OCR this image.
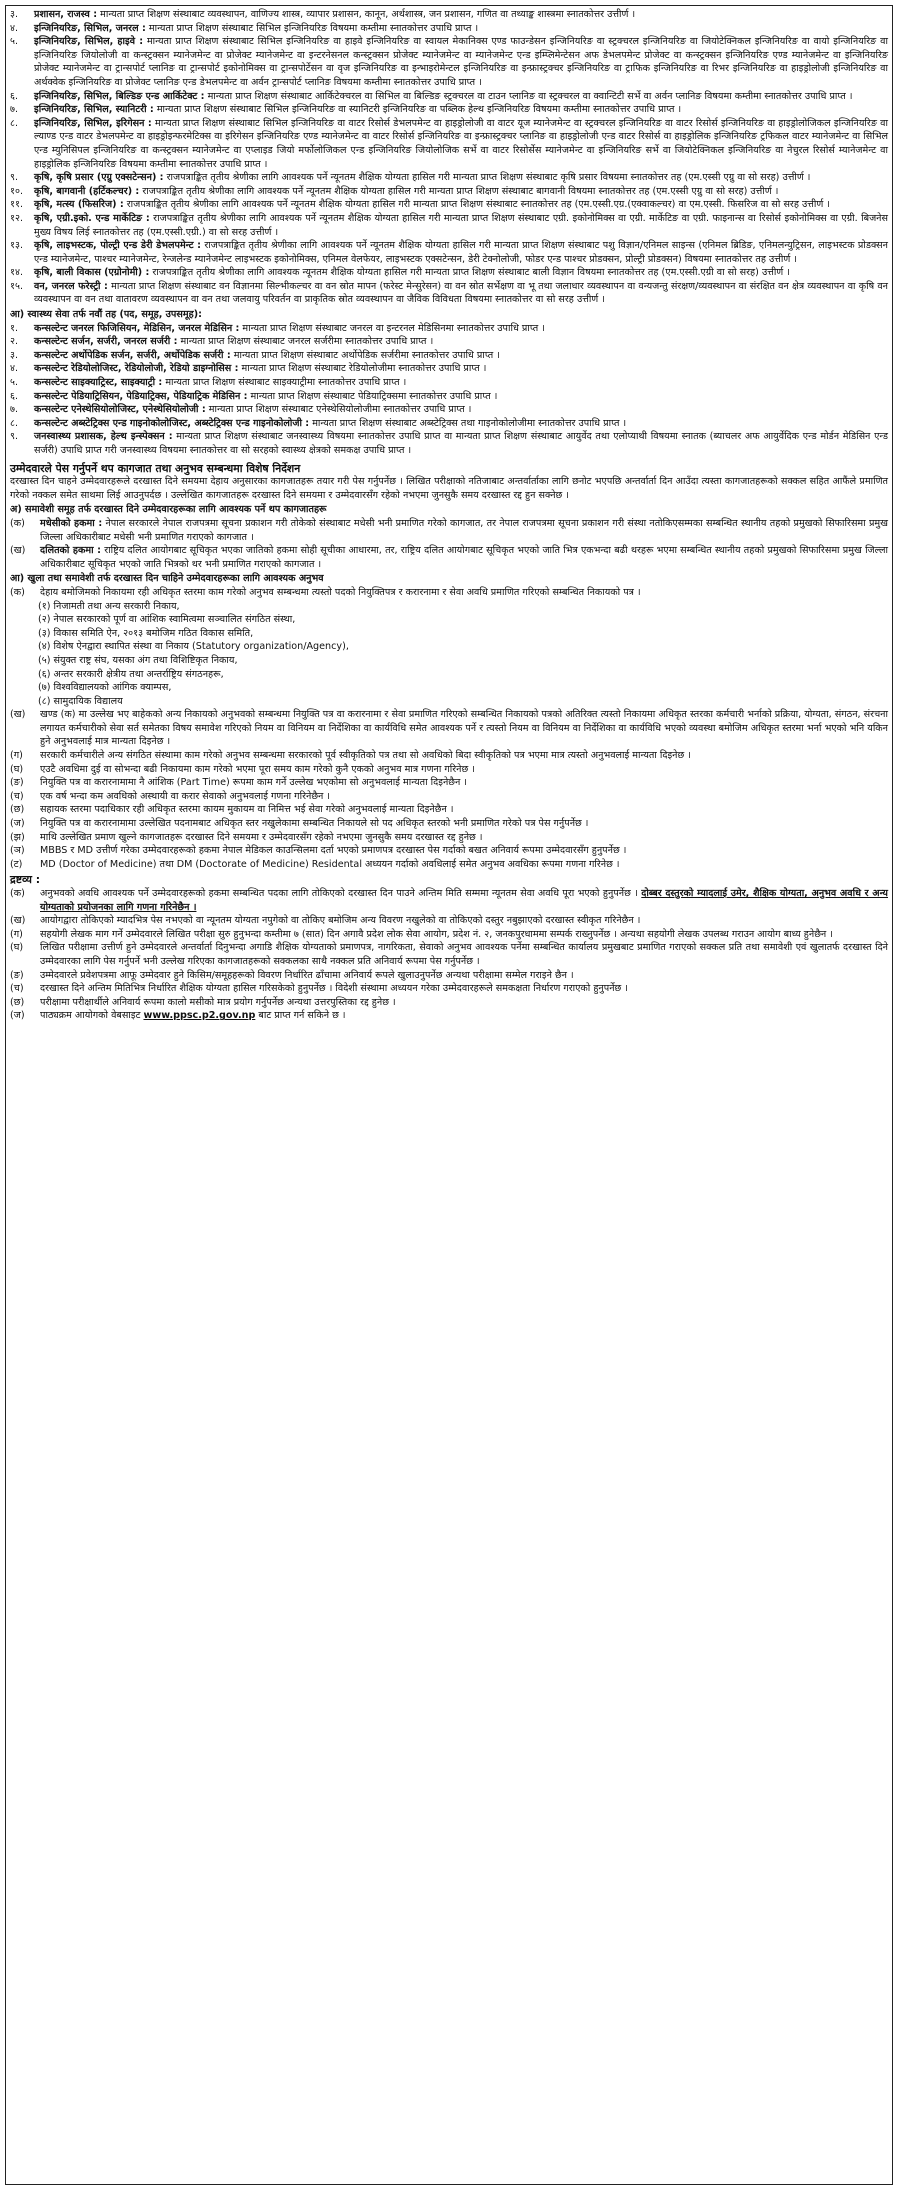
३.	प्रशासन, राजस्व : मान्यता प्राप्त शिक्षण संस्थाबाट व्यवस्थापन, वाणिज्य शास्त्र, व्यापार प्रशासन, कानून, अर्थशास्त्र, जन प्रशासन, गणित वा तथ्याङ्क शास्त्रमा स्नातकोत्तर उत्तीर्ण ।
४.	इन्जिनियरिङ, सिभिल, जनरल : मान्यता प्राप्त शिक्षण संस्थाबाट सिभिल इन्जिनियरिङ विषयमा कम्तीमा स्नातकोत्तर उपाधि प्राप्त ।
५.	इन्जिनियरिङ, सिभिल, हाइवे : मान्यता प्राप्त शिक्षण संस्थाबाट सिभिल इन्जिनियरिङ वा हाइवे इन्जिनियरिङ वा स्वायल मेकानिक्स एण्ड फाउन्डेसन इन्जिनियरिङ वा स्ट्रक्चरल इन्जिनियरिङ वा जियोटेक्निकल इन्जिनियरिङ वा वायो इन्जिनियरिङ वा इन्जिनियरिङ जियोलोजी वा कन्स्ट्रक्सन म्यानेजमेन्ट वा प्रोजेक्ट म्यानेजमेन्ट वा इन्टरनेसनल कन्स्ट्रक्सन प्रोजेक्ट म्यानेजमेन्ट वा म्यानेजमेन्ट एन्ड इम्प्लिमेन्टेसन अफ डेभलपमेन्ट प्रोजेक्ट वा कन्स्ट्रक्सन इन्जिनियरिङ एण्ड म्यानेजमेन्ट वा इन्जिनियरिङ प्रोजेक्ट म्यानेजमेन्ट वा ट्रान्सपोर्ट प्लानिङ वा ट्रान्सपोर्ट इकोनोमिक्स वा ट्रान्सपोर्टेसन वा वृज इन्जिनियरिङ वा इन्भाइरोमेन्टल इन्जिनियरिङ वा इन्फ्रास्ट्रक्चर इन्जिनियरिङ वा ट्राफिक इन्जिनियरिङ वा रिभर इन्जिनियरिङ वा हाइड्रोलोजी इन्जिनियरिङ वा अर्थक्वेक इन्जिनियरिङ वा प्रोजेक्ट प्लानिङ एन्ड डेभलपमेन्ट वा अर्वन ट्रान्सपोर्ट प्लानिङ विषयमा कम्तीमा स्नातकोत्तर उपाधि प्राप्त ।
६.	इन्जिनियरिङ, सिभिल, बिल्डिङ एन्ड आर्किटेक्ट : मान्यता प्राप्त शिक्षण संस्थाबाट आर्किटेक्चरल वा सिभिल वा बिल्डिङ स्ट्रक्चरल वा टाउन प्लानिङ वा स्ट्रक्चरल वा क्वान्टिटी सर्भे वा अर्वन प्लानिङ विषयमा कम्तीमा स्नातकोत्तर उपाधि प्राप्त ।
७.	इन्जिनियरिङ, सिभिल, स्यानिटरी : मान्यता प्राप्त शिक्षण संस्थाबाट सिभिल इन्जिनियरिङ वा स्यानिटरी इन्जिनियरिङ वा पब्लिक हेल्थ इन्जिनियरिङ विषयमा कम्तीमा स्नातकोत्तर उपाधि प्राप्त ।
८.	इन्जिनियरिङ, सिभिल, इरिगेसन : मान्यता प्राप्त शिक्षण संस्थाबाट सिभिल इन्जिनियरिङ वा वाटर रिसोर्स डेभलपमेन्ट वा हाइड्रोलोजी वा वाटर यूज म्यानेजमेन्ट वा स्ट्रक्चरल इन्जिनियरिङ वा वाटर रिसोर्स इन्जिनियरिङ वा हाइड्रोलोजिकल इन्जिनियरिङ वा ल्याण्ड एन्ड वाटर डेभलपमेन्ट वा हाइड्रोइन्फरमेटिक्स वा इरिगेसन इन्जिनियरिङ एण्ड म्यानेजमेन्ट वा वाटर रिसोर्स इन्जिनियरिङ वा इन्फ्रास्ट्रक्चर प्लानिङ वा हाइड्रोलोजी एन्ड वाटर रिसोर्स वा हाइड्रोलिक इन्जिनियरिङ ट्रफिकल वाटर म्यानेजमेन्ट वा सिभिल एन्ड म्युनिसिपल इन्जिनियरिङ वा कन्स्ट्रक्सन म्यानेजमेन्ट वा एप्लाइड जियो मर्फोलोजिकल एन्ड इन्जिनियरिङ जियोलोजिक सर्भे वा वाटर रिसोर्सेस म्यानेजमेन्ट वा इन्जिनियरिङ सर्भे वा जियोटेक्निकल इन्जिनियरिङ वा नेचुरल रिसोर्स म्यानेजमेन्ट वा हाइड्रोलिक इन्जिनियरिङ विषयमा कम्तीमा स्नातकोत्तर उपाधि प्राप्त ।
९.	कृषि, कृषि प्रसार (एग्रु एक्सटेन्सन) : राजपत्राङ्कित तृतीय श्रेणीका लागि आवश्यक पर्ने न्यूनतम शैक्षिक योग्यता हासिल गरी मान्यता प्राप्त शिक्षण संस्थाबाट कृषि प्रसार विषयमा स्नातकोत्तर तह (एम.एस्सी एग्रु वा सो सरह) उत्तीर्ण ।
१०.	कृषि, बागवानी (हर्टिकल्चर) : राजपत्राङ्कित तृतीय श्रेणीका लागि आवश्यक पर्ने न्यूनतम शैक्षिक योग्यता हासिल गरी मान्यता प्राप्त शिक्षण संस्थाबाट बागवानी विषयमा स्नातकोत्तर तह (एम.एस्सी एग्रु वा सो सरह) उत्तीर्ण ।
११.	कृषि, मत्स्य (फिसरिज) : राजपत्राङ्कित तृतीय श्रेणीका लागि आवश्यक पर्ने न्यूनतम शैक्षिक योग्यता हासिल गरी मान्यता प्राप्त शिक्षण संस्थाबाट स्नातकोत्तर तह (एम.एस्सी.एग्र.(एक्वाकल्चर) वा एम.एस्सी. फिसरिज वा सो सरह उत्तीर्ण ।
१२.	कृषि, एग्री.इको. एन्ड मार्केटिङ : राजपत्राङ्कित तृतीय श्रेणीका लागि आवश्यक पर्ने न्यूनतम शैक्षिक योग्यता हासिल गरी मान्यता प्राप्त शिक्षण संस्थाबाट एग्री. इकोनोमिक्स वा एग्री. मार्केटिङ वा एग्री. फाइनान्स वा रिसोर्स इकोनोमिक्स वा एग्री. बिजनेस मुख्य विषय लिई स्नातकोत्तर तह (एम.एस्सी.एग्री.) वा सो सरह उत्तीर्ण ।
१३.	कृषि, लाइभस्टक, पोल्ट्री एन्ड डेरी डेभलपमेन्ट : राजपत्राङ्कित तृतीय श्रेणीका लागि आवश्यक पर्ने न्यूनतम शैक्षिक योग्यता हासिल गरी मान्यता प्राप्त शिक्षण संस्थाबाट पशु विज्ञान/एनिमल साइन्स (एनिमल ब्रिडिङ, एनिमलन्युट्रिसन, लाइभस्टक प्रोडक्सन एन्ड म्यानेजमेन्ट, पाश्चर म्यानेजमेन्ट, रेन्जलेन्ड म्यानेजमेन्ट लाइभस्टक इकोनोमिक्स, एनिमल वेलफेयर, लाइभस्टक एक्सटेन्सन, डेरी टेक्नोलोजी, फोडर एन्ड पाश्चर प्रोडक्सन, प्रोल्ट्री प्रोडक्सन) विषयमा स्नातकोत्तर तह उत्तीर्ण ।
१४.	कृषि, बाली विकास (एग्रोनोमी) : राजपत्राङ्कित तृतीय श्रेणीका लागि आवश्यक न्यूनतम शैक्षिक योग्यता हासिल गरी मान्यता प्राप्त शिक्षण संस्थाबाट बाली विज्ञान विषयमा स्नातकोत्तर तह (एम.एस्सी.एग्री वा सो सरह) उत्तीर्ण ।
१५.	वन, जनरल फरेस्ट्री : मान्यता प्राप्त शिक्षण संस्थाबाट वन विज्ञानमा सिल्भीकल्चर वा वन स्रोत मापन (फरेस्ट मेन्सुरेसन) वा वन स्रोत सर्भेक्षण वा भू तथा जलाधार व्यवस्थापन वा वन्यजन्तु संरक्षण/व्यवस्थापन वा संरक्षित वन क्षेत्र व्यवस्थापन वा कृषि वन व्यवस्थापन वा वन तथा वातावरण व्यवस्थापन वा वन तथा जलवायु परिवर्तन वा प्राकृतिक स्रोत व्यवस्थापन वा जैविक विविधता विषयमा स्नातकोत्तर वा सो सरह उत्तीर्ण ।
आ) स्वास्थ्य सेवा तर्फ नवौं तह (पद, समूह, उपसमूह):
१.	कन्सल्टेन्ट जनरल फिजिसियन, मेडिसिन, जनरल मेडिसिन : मान्यता प्राप्त शिक्षण संस्थाबाट जनरल वा इन्टरनल मेडिसिनमा स्नातकोत्तर उपाधि प्राप्त ।
२.	कन्सल्टेन्ट सर्जन, सर्जरी, जनरल सर्जरी : मान्यता प्राप्त शिक्षण संस्थाबाट जनरल सर्जरीमा स्नातकोत्तर उपाधि प्राप्त ।
३.	कन्सल्टेन्ट अर्थोपेडिक सर्जन, सर्जरी, अर्थोपेडिक सर्जरी : मान्यता प्राप्त शिक्षण संस्थाबाट अर्थोपेडिक सर्जरीमा स्नातकोत्तर उपाधि प्राप्त ।
४.	कन्सल्टेन्ट रेडियोलोजिस्ट, रेडियोलोजी, रेडियो डाइग्नोसिस : मान्यता प्राप्त शिक्षण संस्थाबाट रेडियोलोजीमा स्नातकोत्तर उपाधि प्राप्त ।
५.	कन्सल्टेन्ट साइक्याट्रिस्ट, साइक्याट्री : मान्यता प्राप्त शिक्षण संस्थाबाट साइक्याट्रीमा स्नातकोत्तर उपाधि प्राप्त ।
६.	कन्सल्टेन्ट पेडियाट्रिसियन, पेडियाट्रिक्स, पेडियाट्रिक मेडिसिन : मान्यता प्राप्त शिक्षण संस्थाबाट पेडियाट्रिक्समा स्नातकोत्तर उपाधि प्राप्त ।
७.	कन्सल्टेन्ट एनेस्थेसियोलोजिस्ट, एनेस्थेसियोलोजी : मान्यता प्राप्त शिक्षण संस्थाबाट एनेस्थेसियोलोजीमा स्नातकोत्तर उपाधि प्राप्त ।
८.	कन्सल्टेन्ट अब्स्टेट्रिक्स एन्ड गाइनोकोलोजिस्ट, अब्स्टेट्रिक्स एन्ड गाइनोकोलोजी : मान्यता प्राप्त शिक्षण संस्थाबाट अब्स्टेट्रिक्स तथा गाइनोकोलोजीमा स्नातकोत्तर उपाधि प्राप्त ।
९.	जनस्वास्थ्य प्रशासक, हेल्थ इन्स्पेक्सन : मान्यता प्राप्त शिक्षण संस्थाबाट जनस्वास्थ्य विषयमा स्नातकोत्तर उपाधि प्राप्त वा मान्यता प्राप्त शिक्षण संस्थाबाट आयुर्वेद तथा एलोप्याथी विषयमा स्नातक (ब्याचलर अफ आयुर्वेदिक एन्ड मोर्डन मेडिसिन एन्ड सर्जरी) उपाधि प्राप्त गरी जनस्वास्थ्य विषयमा स्नातकोत्तर वा सो सरहको स्वास्थ्य क्षेत्रको समकक्ष उपाधि प्राप्त ।
उम्मेदवारले पेस गर्नुपर्ने थप कागजात तथा अनुभव सम्बन्धमा विशेष निर्देशन
दरखास्त दिन चाहने उम्मेदवारहरूले दरखास्त दिने समयमा देहाय अनुसारका कागजातहरू तयार गरी पेस गर्नुपर्नेछ । लिखित परीक्षाको नतिजाबाट अन्तर्वार्ताका लागि छनोट भएपछि अन्तर्वार्ता दिन आउँदा त्यस्ता कागजातहरूको सक्कल सहित आफैंले प्रमाणित गरेको नक्कल समेत साथमा लिई आउनुपर्दछ । उल्लेखित कागजातहरू दरखास्त दिने समयमा र उम्मेदवारसँग रहेको नभएमा जुनसुकै समय दरखास्त रद्द हुन सक्नेछ ।
अ) समावेशी समूह तर्फ दरखास्त दिने उम्मेदवारहरूका लागि आवश्यक पर्ने थप कागजातहरू
(क)	मधेसीको हकमा : नेपाल सरकारले नेपाल राजपत्रमा सूचना प्रकाशन गरी तोकेको संस्थाबाट मधेसी भनी प्रमाणित गरेको कागजात, तर नेपाल राजपत्रमा सूचना प्रकाशन गरी संस्था नतोकिएसम्मका सम्बन्धित स्थानीय तहको प्रमुखको सिफारिसमा प्रमुख जिल्ला अधिकारीबाट मधेसी भनी प्रमाणित गराएको कागजात ।
(ख)	दलितको हकमा : राष्ट्रिय दलित आयोगबाट सूचिकृत भएका जातिको हकमा सोही सूचीका आधारमा, तर, राष्ट्रिय दलित आयोगबाट सूचिकृत भएको जाति भित्र एकभन्दा बढी थरहरू भएमा सम्बन्धित स्थानीय तहको प्रमुखको सिफारिसमा प्रमुख जिल्ला अधिकारीबाट सूचिकृत भएको जाति भित्रको थर भनी प्रमाणित गराएको कागजात ।
आ) खुला तथा समावेशी तर्फ दरखास्त दिन चाहिने उम्मेदवारहरूका लागि आवश्यक अनुभव
(क)	देहाय बमोजिमको निकायमा रही अधिकृत स्तरमा काम गरेको अनुभव सम्बन्धमा त्यस्तो पदको नियुक्तिपत्र र करारनामा र सेवा अवधि प्रमाणित गरिएको सम्बन्धित निकायको पत्र ।
(१) निजामती तथा अन्य सरकारी निकाय,
(२) नेपाल सरकारको पूर्ण वा आंशिक स्वामित्वमा सञ्चालित संगठित संस्था,
(३) विकास समिति ऐन, २०१३ बमोजिम गठित विकास समिति,
(४) विशेष ऐनद्वारा स्थापित संस्था वा निकाय (Statutory organization/Agency),
(५) संयुक्त राष्ट्र संघ, यसका अंग तथा विशिष्टिकृत निकाय,
(६) अन्तर सरकारी क्षेत्रीय तथा अन्तर्राष्ट्रिय संगठनहरू,
(७) विश्वविद्यालयको आंगिक क्याम्पस,
(८) सामुदायिक विद्यालय
(ख)	खण्ड (क) मा उल्लेख भए बाहेकको अन्य निकायको अनुभवको सम्बन्धमा नियुक्ति पत्र वा करारनामा र सेवा प्रमाणित गरिएको सम्बन्धित निकायको पत्रको अतिरिक्त त्यस्तो निकायमा अधिकृत स्तरका कर्मचारी भर्नाको प्रक्रिया, योग्यता, संगठन, संरचना लगायत कर्मचारीको सेवा सर्त समेतका विषय समावेश गरिएको नियम वा विनियम वा निर्देशिका वा कार्यविधि समेत आवश्यक पर्ने र त्यस्तो नियम वा विनियम वा निर्देशिका वा कार्यविधि भएको व्यवस्था बमोजिम अधिकृत स्तरमा भर्ना भएको भनि यकिन हुने अनुभवलाई मात्र मान्यता दिइनेछ ।
(ग)	सरकारी कर्मचारीले अन्य संगठित संस्थामा काम गरेको अनुभव सम्बन्धमा सरकारको पूर्व स्वीकृतिको पत्र तथा सो अवधिको बिदा स्वीकृतिको पत्र भएमा मात्र त्यस्तो अनुभवलाई मान्यता दिइनेछ ।
(घ)	एउटै अवधिमा दुई वा सोभन्दा बढी निकायमा काम गरेको भएमा पूरा समय काम गरेको कुनै एकको अनुभव मात्र गणना गरिनेछ ।
(ङ)	नियुक्ति पत्र वा करारनामामा नै आंशिक (Part Time) रूपमा काम गर्ने उल्लेख भएकोमा सो अनुभवलाई मान्यता दिइनेछैन ।
(च)	एक वर्ष भन्दा कम अवधिको अस्थायी वा करार सेवाको अनुभवलाई गणना गरिनेछैन ।
(छ)	सहायक स्तरमा पदाधिकार रही अधिकृत स्तरमा कायम मुकायम वा निमित्त भई सेवा गरेको अनुभवलाई मान्यता दिइनेछैन ।
(ज)	नियुक्ति पत्र वा करारनामामा उल्लेखित पदनामबाट अधिकृत स्तर नखुलेकामा सम्बन्धित निकायले सो पद अधिकृत स्तरको भनी प्रमाणित गरेको पत्र पेस गर्नुपर्नेछ ।
(झ)	माथि उल्लेखित प्रमाण खुल्ने कागजातहरू दरखास्त दिने समयमा र उम्मेदवारसँग रहेको नभएमा जुनसुकै समय दरखास्त रद्द हुनेछ ।
(ञ)	MBBS र MD उत्तीर्ण गरेका उम्मेदवारहरूको हकमा नेपाल मेडिकल काउन्सिलमा दर्ता भएको प्रमाणपत्र दरखास्त पेस गर्दाको बखत अनिवार्य रूपमा उम्मेदवारसँग हुनुपर्नेछ ।
(ट)	MD (Doctor of Medicine) तथा DM (Doctorate of Medicine) Residental अध्ययन गर्दाको अवधिलाई समेत अनुभव अवधिका रूपमा गणना गरिनेछ ।
द्रष्टव्य :
(क)	अनुभवको अवधि आवश्यक पर्ने उम्मेदवारहरूको हकमा सम्बन्धित पदका लागि तोकिएको दरखास्त दिन पाउने अन्तिम मिति सम्ममा न्यूनतम सेवा अवधि पूरा भएको हुनुपर्नेछ । दोब्बर दस्तुरको म्यादलाई उमेर, शैक्षिक योग्यता, अनुभव अवधि र अन्य योग्यताको प्रयोजनका लागि गणना गरिनेछैन ।
(ख)	आयोगद्वारा तोकिएको म्यादभित्र पेस नभएको वा न्यूनतम योग्यता नपुगेको वा तोकिए बमोजिम अन्य विवरण नखुलेको वा तोकिएको दस्तुर नबुझाएको दरखास्त स्वीकृत गरिनेछैन ।
(ग)	सहयोगी लेखक माग गर्ने उम्मेदवारले लिखित परीक्षा सुरु हुनुभन्दा कम्तीमा ७ (सात) दिन अगावै प्रदेश लोक सेवा आयोग, प्रदेश नं. २, जनकपुरधाममा सम्पर्क राख्नुपर्नेछ । अन्यथा सहयोगी लेखक उपलब्ध गराउन आयोग बाध्य हुनेछैन ।
(घ)	लिखित परीक्षामा उत्तीर्ण हुने उम्मेदवारले अन्तर्वार्ता दिनुभन्दा अगाडि शैक्षिक योग्यताको प्रमाणपत्र, नागरिकता, सेवाको अनुभव आवश्यक पर्नेमा सम्बन्धित कार्यालय प्रमुखबाट प्रमाणित गराएको सक्कल प्रति तथा समावेशी एवं खुलातर्फ दरखास्त दिने उम्मेदवारका लागि पेस गर्नुपर्ने भनी उल्लेख गरिएका कागजातहरूको सक्कलका साथै नक्कल प्रति अनिवार्य रूपमा पेस गर्नुपर्नेछ ।
(ङ)	उम्मेदवारले प्रवेशपत्रमा आफू उम्मेदवार हुने किसिम/समूहहरूको विवरण निर्धारित ढाँचामा अनिवार्य रूपले खुलाउनुपर्नेछ अन्यथा परीक्षामा सम्मेल गराइने छैन ।
(च)	दरखास्त दिने अन्तिम मितिभित्र निर्धारित शैक्षिक योग्यता हासिल गरिसकेको हुनुपर्नेछ । विदेशी संस्थामा अध्ययन गरेका उम्मेदवारहरूले समकक्षता निर्धारण गराएको हुनुपर्नेछ ।
(छ)	परीक्षामा परीक्षार्थीले अनिवार्य रूपमा कालो मसीको मात्र प्रयोग गर्नुपर्नेछ अन्यथा उत्तरपुस्तिका रद्द हुनेछ ।
(ज)	पाठ्यक्रम आयोगको वेबसाइट www.ppsc.p2.gov.np बाट प्राप्त गर्न सकिने छ ।
